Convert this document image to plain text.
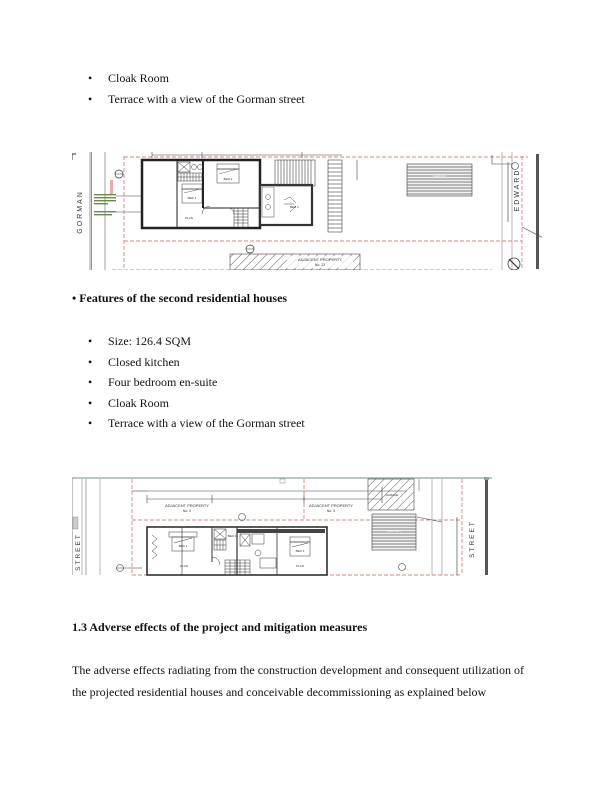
• Cloak Room
• Terrace with a view of the Gorman street
GORMAN	BED 1
BED 2
PLAN
BED 3
CARPORT
ADJACENT PROPERTY
No. 22
EDWARD
• Features of the second residential houses
• Size: 126.4 SQM
• Closed kitchen
• Four bedroom en-suite
• Cloak Room
• Terrace with a view of the Gorman street
STREET
ADJACENT PROPERTY
No. 0
ADJACENT PROPERTY
No. 5
GARAGE
CARPORT
BED 1
BED 2
BED 3
PLAN	PLAN
STREET
1.3 Adverse effects of the project and mitigation measures
The adverse effects radiating from the construction development and consequent utilization of
the projected residential houses and conceivable decommissioning as explained below
